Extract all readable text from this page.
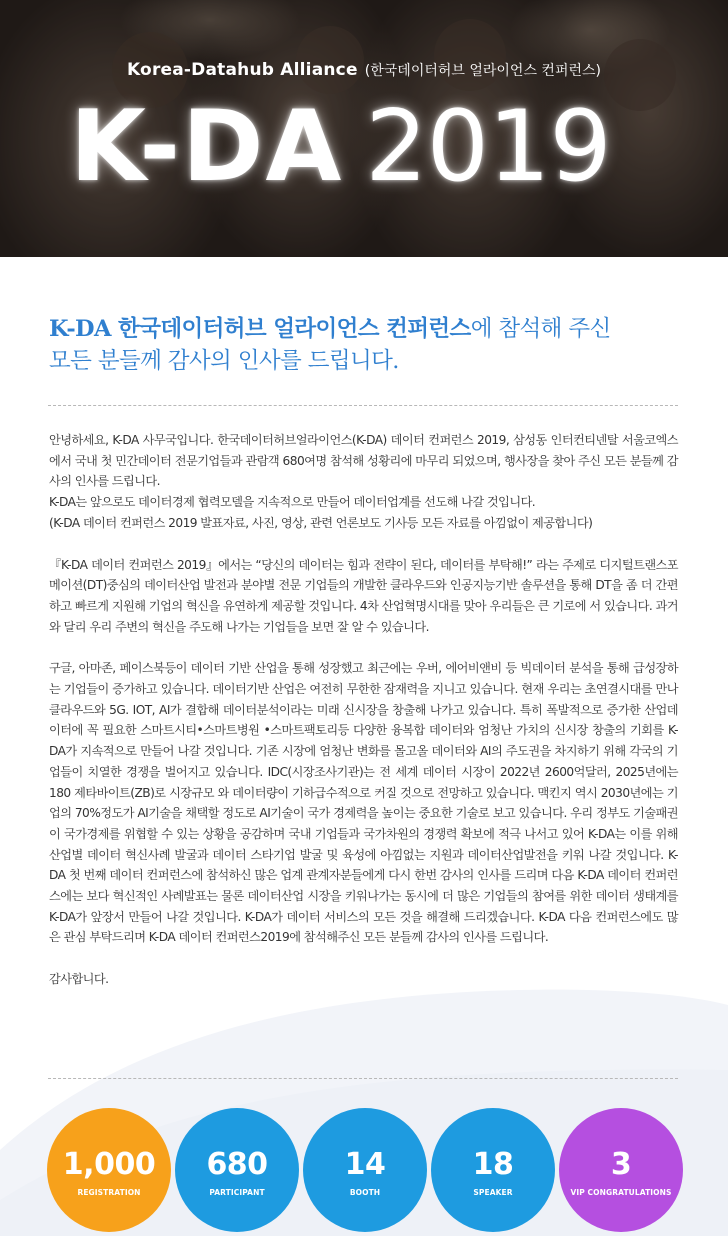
Korea-Datahub Alliance (한국데이터허브 얼라이언스 컨퍼런스)
K-DA 2019
K-DA 한국데이터허브 얼라이언스 컨퍼런스에 참석해 주신
모든 분들께 감사의 인사를 드립니다.

안녕하세요, K-DA 사무국입니다. 한국데이터허브얼라이언스(K-DA) 데이터 컨퍼런스 2019, 삼성동 인터컨티넨탈 서울코엑스 에서 국내 첫 민간데이터 전문기업들과 관람객 680여명 참석해 성황리에 마무리 되었으며, 행사장을 찾아 주신 모든 분들께 감사의 인사를 드립니다.

K-DA는 앞으로도 데이터경제 협력모델을 지속적으로 만들어 데이터업계를 선도해 나갈 것입니다.

(K-DA 데이터 컨퍼런스 2019 발표자료, 사진, 영상, 관련 언론보도 기사등 모든 자료를 아낌없이 제공합니다)

『K-DA 데이터 컨퍼런스 2019』에서는 “당신의 데이터는 힘과 전략이 된다, 데이터를 부탁해!” 라는 주제로 디지털트랜스포메이션(DT)중심의 데이터산업 발전과 분야별 전문 기업들의 개발한 클라우드와 인공지능기반 솔루션을 통해 DT을 좀 더 간편하고 빠르게 지원해 기업의 혁신을 유연하게 제공할 것입니다. 4차 산업혁명시대를 맞아 우리들은 큰 기로에 서 있습니다. 과거와 달리 우리 주변의 혁신을 주도해 나가는 기업들을 보면 잘 알 수 있습니다.

구글, 아마존, 페이스북등이 데이터 기반 산업을 통해 성장했고 최근에는 우버, 에어비앤비 등 빅데이터 분석을 통해 급성장하는 기업들이 증가하고 있습니다. 데이터기반 산업은 여전히 무한한 잠재력을 지니고 있습니다. 현재 우리는 초연결시대를 만나 클라우드와 5G. IOT, AI가 결합해 데이터분석이라는 미래 신시장을 창출해 나가고 있습니다. 특히 폭발적으로 증가한 산업데이터에 꼭 필요한 스마트시티•스마트병원 •스마트팩토리등 다양한 융복합 데이터와 엄청난 가치의 신시장 창출의 기회를 K-DA가 지속적으로 만들어 나갈 것입니다. 기존 시장에 엄청난 변화를 몰고올 데이터와 AI의 주도권을 차지하기 위해 각국의 기업들이 치열한 경쟁을 벌어지고 있습니다. IDC(시장조사기관)는 전 세계 데이터 시장이 2022년 2600억달러, 2025년에는 180 제타바이트(ZB)로 시장규모 와 데이터량이 기하급수적으로 커질 것으로 전망하고 있습니다. 맥킨지 역시 2030년에는 기업의 70%정도가 AI기술을 채택할 정도로 AI기술이 국가 경제력을 높이는 중요한 기술로 보고 있습니다. 우리 정부도 기술패권이 국가경제를 위협할 수 있는 상황을 공감하며 국내 기업들과 국가차원의 경쟁력 확보에 적극 나서고 있어 K-DA는 이를 위해 산업별 데이터 혁신사례 발굴과 데이터 스타기업 발굴 및 육성에 아낌없는 지원과 데이터산업발전을 키워 나갈 것입니다. K-DA 첫 번째 데이터 컨퍼런스에 참석하신 많은 업계 관계자분들에게 다시 한번 감사의 인사를 드리며 다음 K-DA 데이터 컨퍼런스에는 보다 혁신적인 사례발표는 물론 데이터산업 시장을 키워나가는 동시에 더 많은 기업들의 참여를 위한 데이터 생태계를 K-DA가 앞장서 만들어 나갈 것입니다. K-DA가 데이터 서비스의 모든 것을 해결해 드리겠습니다. K-DA 다음 컨퍼런스에도 많은 관심 부탁드리며 K-DA 데이터 컨퍼런스2019에 참석해주신 모든 분들께 감사의 인사를 드립니다.

감사합니다.

1,000
REGISTRATION
680
PARTICIPANT
14
BOOTH
18
SPEAKER
3
VIP CONGRATULATIONS
